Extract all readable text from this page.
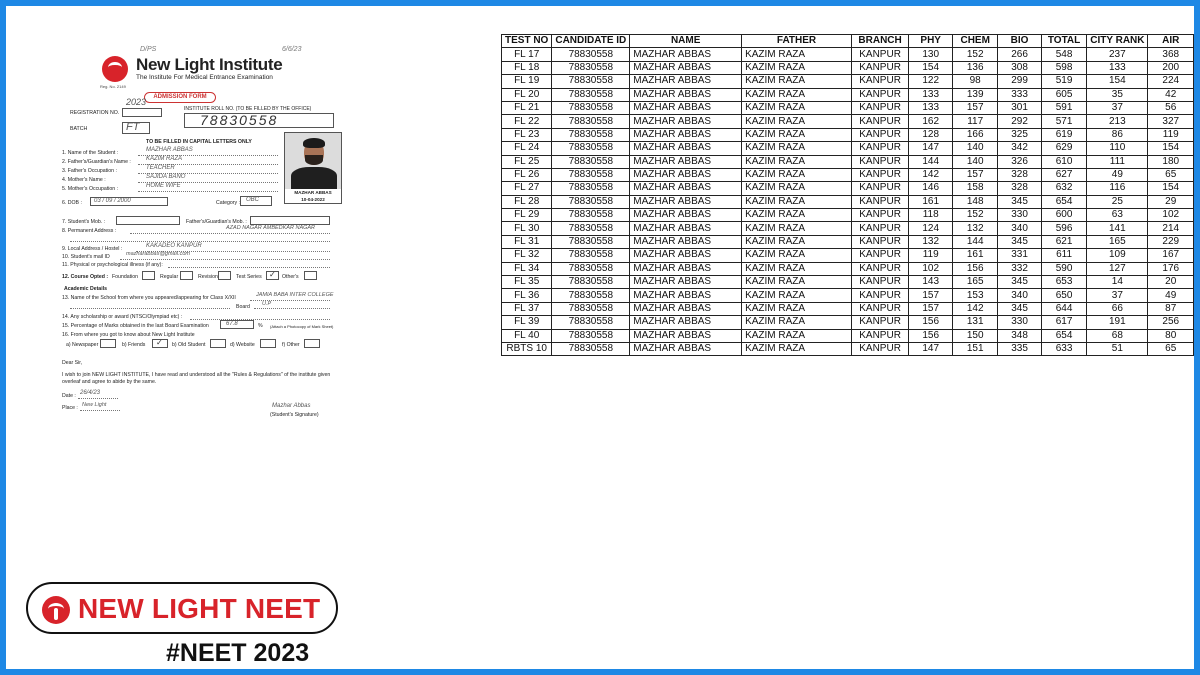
D/PS	6/6/23
New Light Institute
The Institute For Medical Entrance Examination
Reg. No. 2149
ADMISSION FORM
REGISTRATION NO.
2023
INSTITUTE ROLL NO. (TO BE FILLED BY THE OFFICE)
78830558
BATCH	FT
TO BE FILLED IN CAPITAL LETTERS ONLY
1. Name of the Student :	MAZHAR ABBAS
2. Father's/Guardian's Name :	KAZIM RAZA
3. Father's Occupation :	TEACHER
4. Mother's Name :	SAJIDA BANO
5. Mother's Occupation :	HOME WIFE
MAZHAR ABBAS
10-04-2022
6. DOB : 03 / 09 / 2000	Category : OBC
7. Student's Mob. :	Father's/Guardian's Mob. :
8. Permanent Address :	AZAD NAGAR AMBEDKAR NAGAR
9. Local Address / Hostel :	KAKADEO KANPUR
10. Student's mail ID	mazharabbas@gmail.com
11. Physical or psychological illness (if any):
12. Course Opted : Foundation	Regular	Revision	Test Series ✓ Other's
Academic Details
13. Name of the School from where you appeared/appearing for Class X/XII	JAMIA BABA INTER COLLEGE
Board U.P
14. Any scholarship or award (NTSC/Olympiad etc) :
15. Percentage of Marks obtained in the last Board Examination	67.8	% (Attach a Photocopy of Mark Sheet)
16. From where you got to know about New Light Institute
a) Newspaper	b) Friends ✓ b) Old Student	d) Website	f) Other
Dear Sir,
I wish to join NEW LIGHT INSTITUTE, I have read and understood all the "Rules & Regulations" of the institute given overleaf and agree to abide by the same.
Date : 26/4/23
Place : New Light	Mazhar Abbas
(Student's Signature)
TEST NO	CANDIDATE ID	NAME	FATHER	BRANCH	PHY	CHEM	BIO	TOTAL	CITY RANK	AIR
FL 17	78830558	MAZHAR ABBAS	KAZIM RAZA	KANPUR	130	152	266	548	237	368
FL 18	78830558	MAZHAR ABBAS	KAZIM RAZA	KANPUR	154	136	308	598	133	200
FL 19	78830558	MAZHAR ABBAS	KAZIM RAZA	KANPUR	122	98	299	519	154	224
FL 20	78830558	MAZHAR ABBAS	KAZIM RAZA	KANPUR	133	139	333	605	35	42
FL 21	78830558	MAZHAR ABBAS	KAZIM RAZA	KANPUR	133	157	301	591	37	56
FL 22	78830558	MAZHAR ABBAS	KAZIM RAZA	KANPUR	162	117	292	571	213	327
FL 23	78830558	MAZHAR ABBAS	KAZIM RAZA	KANPUR	128	166	325	619	86	119
FL 24	78830558	MAZHAR ABBAS	KAZIM RAZA	KANPUR	147	140	342	629	110	154
FL 25	78830558	MAZHAR ABBAS	KAZIM RAZA	KANPUR	144	140	326	610	111	180
FL 26	78830558	MAZHAR ABBAS	KAZIM RAZA	KANPUR	142	157	328	627	49	65
FL 27	78830558	MAZHAR ABBAS	KAZIM RAZA	KANPUR	146	158	328	632	116	154
FL 28	78830558	MAZHAR ABBAS	KAZIM RAZA	KANPUR	161	148	345	654	25	29
FL 29	78830558	MAZHAR ABBAS	KAZIM RAZA	KANPUR	118	152	330	600	63	102
FL 30	78830558	MAZHAR ABBAS	KAZIM RAZA	KANPUR	124	132	340	596	141	214
FL 31	78830558	MAZHAR ABBAS	KAZIM RAZA	KANPUR	132	144	345	621	165	229
FL 32	78830558	MAZHAR ABBAS	KAZIM RAZA	KANPUR	119	161	331	611	109	167
FL 34	78830558	MAZHAR ABBAS	KAZIM RAZA	KANPUR	102	156	332	590	127	176
FL 35	78830558	MAZHAR ABBAS	KAZIM RAZA	KANPUR	143	165	345	653	14	20
FL 36	78830558	MAZHAR ABBAS	KAZIM RAZA	KANPUR	157	153	340	650	37	49
FL 37	78830558	MAZHAR ABBAS	KAZIM RAZA	KANPUR	157	142	345	644	66	87
FL 39	78830558	MAZHAR ABBAS	KAZIM RAZA	KANPUR	156	131	330	617	191	256
FL 40	78830558	MAZHAR ABBAS	KAZIM RAZA	KANPUR	156	150	348	654	68	80
RBTS 10	78830558	MAZHAR ABBAS	KAZIM RAZA	KANPUR	147	151	335	633	51	65
NEW LIGHT NEET
#NEET 2023
